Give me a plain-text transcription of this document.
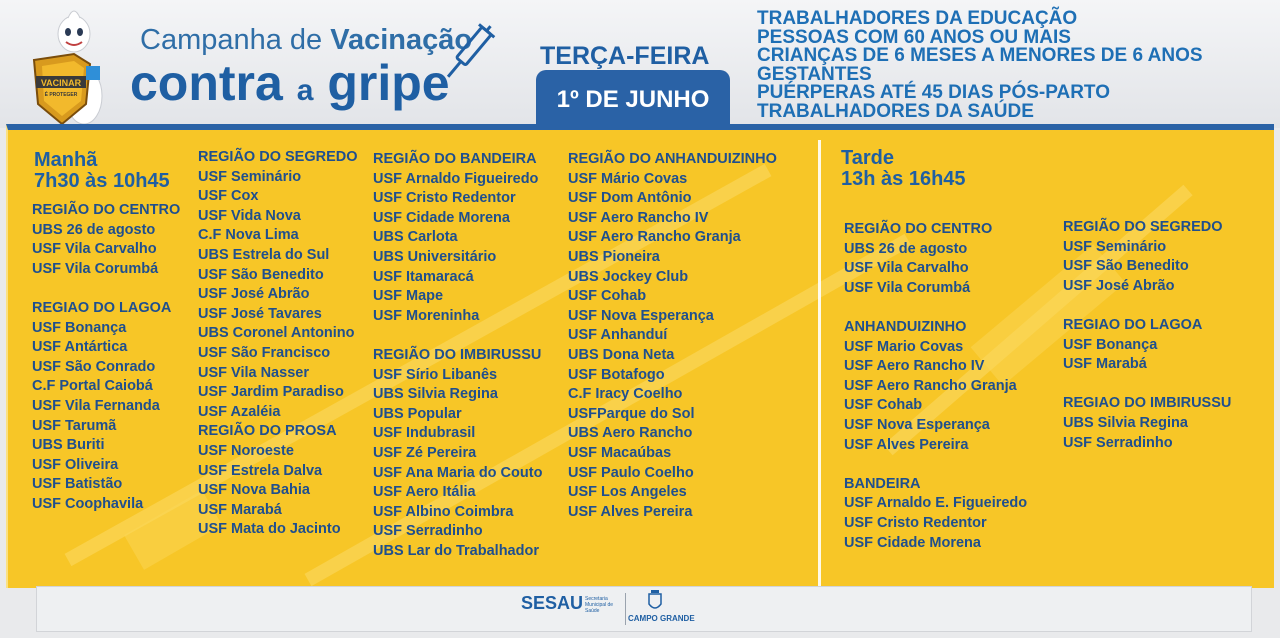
VACINAR
É PROTEGER
Campanha de Vacinação
contra a gripe	TERÇA-FEIRA
1º DE JUNHO
TRABALHADORES DA EDUCAÇÃO
PESSOAS COM 60 ANOS OU MAIS
CRIANÇAS DE 6 MESES A MENORES DE 6 ANOS
GESTANTES
PUÉRPERAS ATÉ 45 DIAS PÓS-PARTO
TRABALHADORES DA SAÚDE
Manhã
7h30 às 10h45
REGIÃO DO CENTRO
UBS 26 de agosto
USF Vila Carvalho
USF Vila Corumbá
REGIAO DO LAGOA
USF Bonança
USF Antártica
USF São Conrado
C.F Portal Caiobá
USF Vila Fernanda
USF Tarumã
UBS Buriti
USF Oliveira
USF Batistão
USF Coophavila
REGIÃO DO SEGREDO
USF Seminário
USF Cox
USF Vida Nova
C.F Nova Lima
UBS Estrela do Sul
USF São Benedito
USF José Abrão
USF José Tavares
UBS Coronel Antonino
USF São Francisco
USF Vila Nasser
USF Jardim Paradiso
USF Azaléia
REGIÃO DO PROSA
USF Noroeste
USF Estrela Dalva
USF Nova Bahia
USF Marabá
USF Mata do Jacinto
REGIÃO DO BANDEIRA
USF Arnaldo Figueiredo
USF Cristo Redentor
USF Cidade Morena
UBS Carlota
UBS Universitário
USF Itamaracá
USF Mape
USF Moreninha
REGIÃO DO IMBIRUSSU
USF Sírio Libanês
UBS Silvia Regina
UBS Popular
USF Indubrasil
USF Zé Pereira
USF Ana Maria do Couto
USF Aero Itália
USF Albino Coimbra
USF Serradinho
UBS Lar do Trabalhador
REGIÃO DO ANHANDUIZINHO
USF Mário Covas
USF Dom Antônio
USF Aero Rancho IV
USF Aero Rancho Granja
UBS Pioneira
UBS Jockey Club
USF Cohab
USF Nova Esperança
USF Anhanduí
UBS Dona Neta
USF Botafogo
C.F Iracy Coelho
USFParque do Sol
UBS Aero Rancho
USF Macaúbas
USF Paulo Coelho
USF Los Angeles
USF Alves Pereira
Tarde
13h às 16h45
REGIÃO DO CENTRO
UBS 26 de agosto
USF Vila Carvalho
USF Vila Corumbá
ANHANDUIZINHO
USF Mario Covas
USF Aero Rancho IV
USF Aero Rancho Granja
USF Cohab
USF Nova Esperança
USF Alves Pereira
BANDEIRA
USF Arnaldo E. Figueiredo
USF Cristo Redentor
USF Cidade Morena
REGIÃO DO SEGREDO
USF Seminário
USF São Benedito
USF José Abrão
REGIAO DO LAGOA
USF Bonança
USF Marabá
REGIAO DO IMBIRUSSU
UBS Silvia Regina
USF Serradinho
SESAU Secretaria Municipal de Saúde
CAMPO GRANDE
